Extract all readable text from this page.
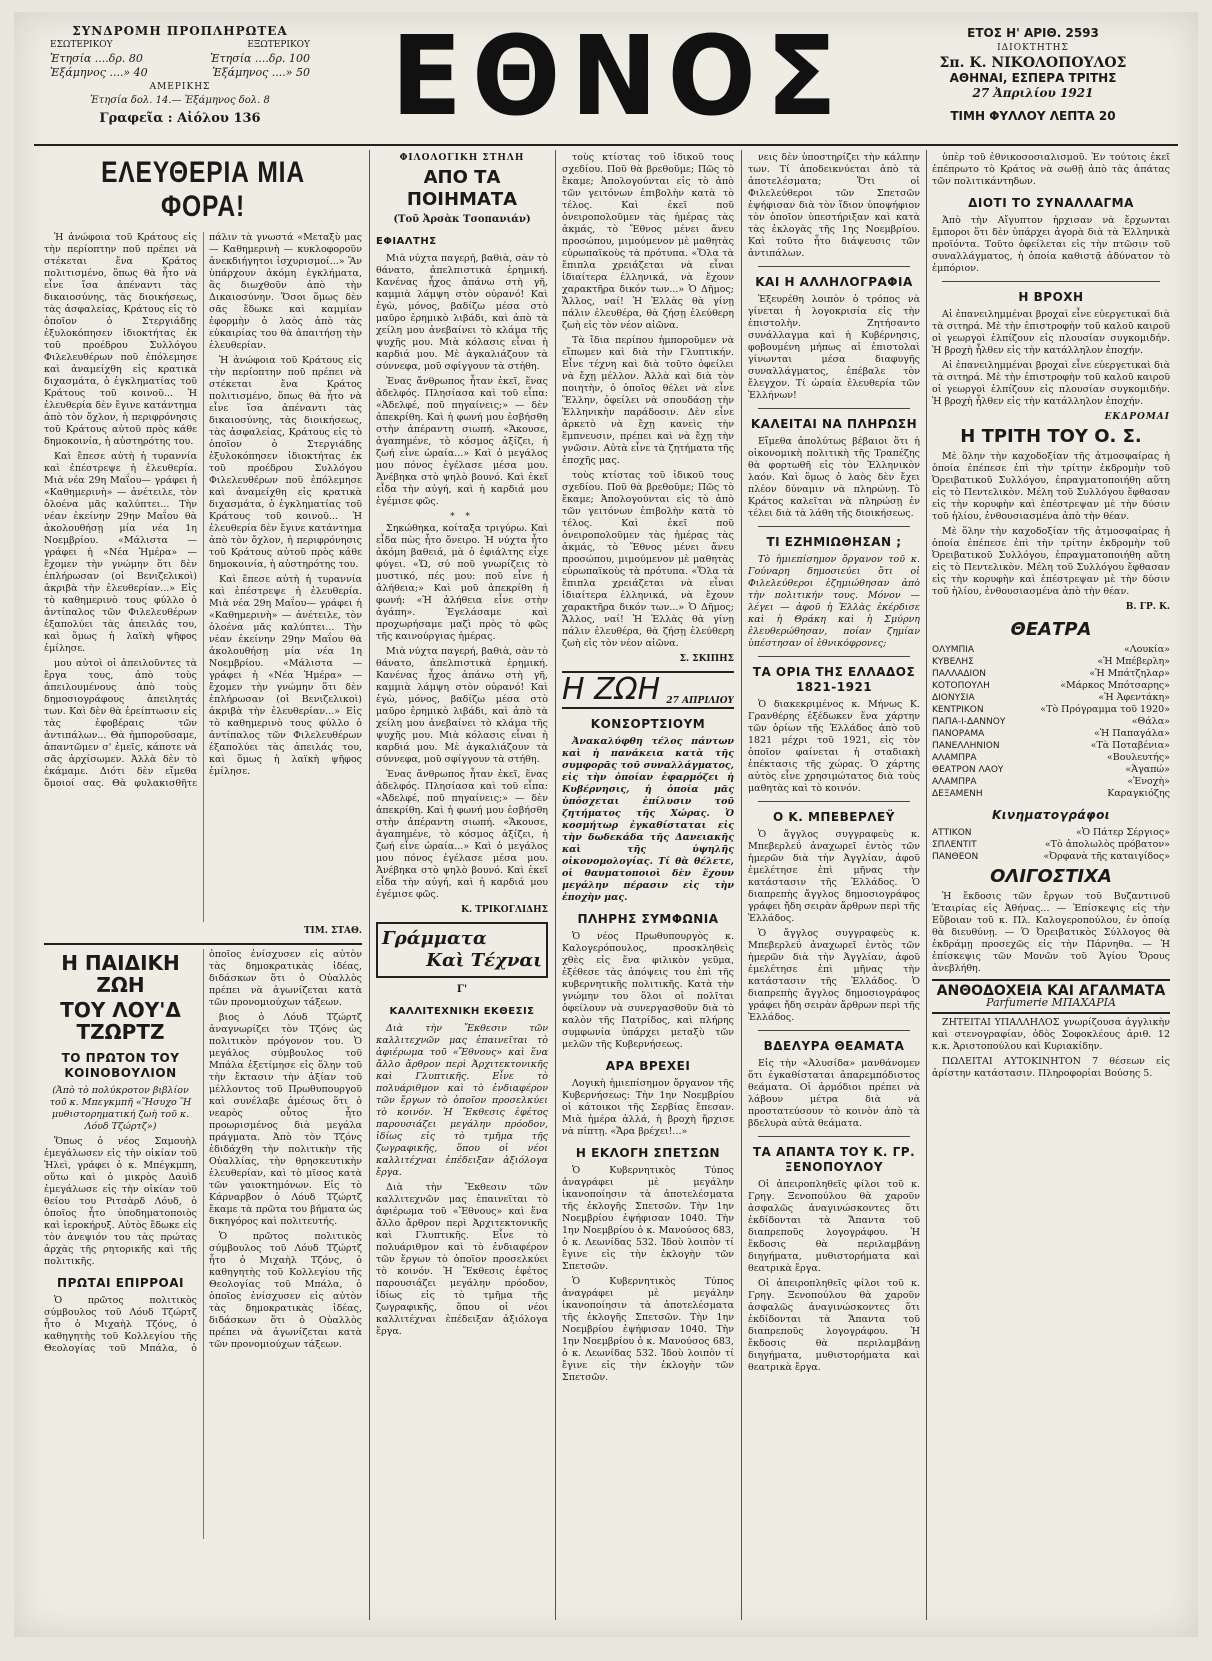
ΣΥΝΔΡΟΜΗ ΠΡΟΠΛΗΡΩΤΕΑ
ΕΣΩΤΕΡΙΚΟΥ	ΕΞΩΤΕΡΙΚΟΥ
Ἐτησία ....δρ. 80	Ἐτησία ....δρ. 100
Ἑξάμηνος ....» 40	Ἑξάμηνος ....» 50
ΑΜΕΡΙΚΗΣ
Ἐτησία δολ. 14.— Ἑξάμηνος δολ. 8
Γραφεῖα : Αἰόλου 136	ΕΘΝΟΣ	ΕΤΟΣ Η' ΑΡΙΘ. 2593
ΙΔΙΟΚΤΗΤΗΣ
Σπ. Κ. ΝΙΚΟΛΟΠΟΥΛΟΣ
ΑΘΗΝΑΙ, ΕΣΠΕΡΑ ΤΡΙΤΗΣ
27 Ἀπριλίου 1921
ΤΙΜΗ ΦΥΛΛΟΥ ΛΕΠΤΑ 20
ΕΛΕΥΘΕΡΙΑ ΜΙΑ ΦΟΡΑ!

Ἡ ἀνώφοια τοῦ Κράτους εἰς τὴν περίοπτην ποῦ πρέπει νὰ στέκεται ἕνα Κράτος πολιτισμένο, ὅπως θὰ ἦτο νὰ εἶνε ἴσα ἀπέναντι τὰς δικαιοσύνης, τὰς διοικήσεως, τὰς ἀσφαλείας, Κράτους εἰς τὸ ὁποῖον ὁ Στεργιάδης ἐξυλοκόπησεν ἰδιοκτήτας ἐκ τοῦ προέδρου Συλλόγου Φιλελευθέρων ποῦ ἐπόλεμησε καὶ ἀναμείχθη εἰς κρατικὰ διχασμάτα, ὁ ἐγκληματίας τοῦ Κράτους τοῦ κοινοῦ... Ἡ ἐλευθερία δὲν ἔγινε κατάντημα ἀπὸ τὸν ὄχλον, ἡ περιφρόνησις τοῦ Κράτους αὐτοῦ πρὸς κάθε δημοκοινία, ἡ αὐστηρότης του.

Καὶ ἔπεσε αὐτὴ ἡ τυραννία καὶ ἐπέστρεψε ἡ ἐλευθερία. Μιὰ νέα 29η Μαΐου— γράφει ἡ «Καθημερινὴ» — ἀνέτειλε, τὸν ὁλοένα μᾶς καλύπτει... Τὴν νέαν ἐκείνην 29ην Μαΐου θὰ ἀκολουθήσῃ μία νέα 1η Νοεμβρίου. «Μάλιστα — γράφει ἡ «Νέα Ἡμέρα» — ἔχομεν τὴν γνώμην ὅτι δὲν ἐπλήρωσαν (οἱ Βενιζελικοὶ) ἀκριβὰ τὴν ἐλευθερίαν...» Εἰς τὸ καθημερινὸ τους φύλλο ὁ ἀντίπαλος τῶν Φιλελευθέρων ἐξαπολύει τὰς ἀπειλάς του, καὶ ὅμως ἡ λαϊκὴ ψῆφος ἐμίλησε.

μου αὐτοὶ οἱ ἀπειλοῦντες τὰ ἔργα τους, ἀπὸ τοὺς ἀπειλουμένους ἀπὸ τοὺς δημοσιογράφους ἀπειλητάς των. Καὶ δὲν θὰ ἐρείπτωσιν εἰς τὰς ἐφοβέραις τῶν ἀντιπάλων... Θὰ ἠμποροῦσαμε, ἀπαντῶμεν σ' ἐμεῖς, κάποτε νὰ σᾶς ἀρχίσωμεν. Ἀλλὰ δὲν τὸ ἐκάμαμε. Διότι δὲν εἴμεθα ὅμοιοί σας. Θὰ φυλακισθῆτε πάλιν τὰ γνωστά «Μεταξὺ μας — Καθημερινὴ — κυκλοφοροῦν ἀνεκδιήγητοι ἰσχυρισμοί...» Ἂν ὑπάρχουν ἀκόμη ἐγκλήματα, ἂς διωχθοῦν ἀπὸ τὴν Δικαιοσύνην. Ὅσοι ὅμως δὲν σᾶς ἔδωκε καὶ καμμίαν ἐφορμὴν ὁ λαὸς ἀπὸ τὰς εὐκαιρίας του θὰ ἀπαιτήσῃ τὴν ἐλευθερίαν.

Ἡ ἀνώφοια τοῦ Κράτους εἰς τὴν περίοπτην ποῦ πρέπει νὰ στέκεται ἕνα Κράτος πολιτισμένο, ὅπως θὰ ἦτο νὰ εἶνε ἴσα ἀπέναντι τὰς δικαιοσύνης, τὰς διοικήσεως, τὰς ἀσφαλείας, Κράτους εἰς τὸ ὁποῖον ὁ Στεργιάδης ἐξυλοκόπησεν ἰδιοκτήτας ἐκ τοῦ προέδρου Συλλόγου Φιλελευθέρων ποῦ ἐπόλεμησε καὶ ἀναμείχθη εἰς κρατικὰ διχασμάτα, ὁ ἐγκληματίας τοῦ Κράτους τοῦ κοινοῦ... Ἡ ἐλευθερία δὲν ἔγινε κατάντημα ἀπὸ τὸν ὄχλον, ἡ περιφρόνησις τοῦ Κράτους αὐτοῦ πρὸς κάθε δημοκοινία, ἡ αὐστηρότης του.

Καὶ ἔπεσε αὐτὴ ἡ τυραννία καὶ ἐπέστρεψε ἡ ἐλευθερία. Μιὰ νέα 29η Μαΐου— γράφει ἡ «Καθημερινὴ» — ἀνέτειλε, τὸν ὁλοένα μᾶς καλύπτει... Τὴν νέαν ἐκείνην 29ην Μαΐου θὰ ἀκολουθήσῃ μία νέα 1η Νοεμβρίου. «Μάλιστα — γράφει ἡ «Νέα Ἡμέρα» — ἔχομεν τὴν γνώμην ὅτι δὲν ἐπλήρωσαν (οἱ Βενιζελικοὶ) ἀκριβὰ τὴν ἐλευθερίαν...» Εἰς τὸ καθημερινὸ τους φύλλο ὁ ἀντίπαλος τῶν Φιλελευθέρων ἐξαπολύει τὰς ἀπειλάς του, καὶ ὅμως ἡ λαϊκὴ ψῆφος ἐμίλησε.

ΤΙΜ. ΣΤΑΘ.
Η ΠΑΙΔΙΚΗ ΖΩΗ
ΤΟΥ ΛΟΥ'Δ ΤΖΩΡΤΖ
ΤΟ ΠΡΩΤΟΝ ΤΟΥ ΚΟΙΝΟΒΟΥΛΙΟΝ

(Ἀπὸ τὸ πολύκροτον βιβλίον τοῦ κ. Μπεγκμπῆ «Ἥσυχο Ἢ μυθιστορηματική ζωὴ τοῦ κ. Λόυδ Τζώρτζ»)

Ὅπως ὁ νέος Σαμουὴλ ἐμεγάλωσεν εἰς τὴν οἰκίαν τοῦ Ἡλεὶ, γράφει ὁ κ. Μπέγκμπη, οὕτω καὶ ὁ μικρὸς Δαυὶδ ἐμεγάλωσε εἰς τὴν οἰκίαν τοῦ θείου του Ριτσὰρδ Λόυδ, ὁ ὁποῖος ἦτο ὑποδηματοποιὸς καὶ ἱεροκήρυξ. Αὐτὸς ἔδωκε εἰς τὸν ἀνεψιόν του τὰς πρώτας ἀρχὰς τῆς ρητορικῆς καὶ τῆς πολιτικῆς.

ΠΡΩΤΑΙ ΕΠΙΡΡΟΑΙ

Ὁ πρῶτος πολιτικὸς σύμβουλος τοῦ Λόυδ Τζώρτζ ἦτο ὁ Μιχαὴλ Τζόνς, ὁ καθηγητὴς τοῦ Κολλεγίου τῆς Θεολογίας τοῦ Μπάλα, ὁ ὁποῖος ἐνίσχυσεν εἰς αὐτὸν τὰς δημοκρατικὰς ἰδέας, διδάσκων ὅτι ὁ Οὐαλλὸς πρέπει νὰ ἀγωνίζεται κατὰ τῶν προνομιούχων τάξεων.

βιος ὁ Λόυδ Τζώρτζ ἀναγνωρίζει τὸν Τζόνς ὡς πολιτικὸν πρόγονον του. Ὁ μεγάλος σύμβουλος τοῦ Μπάλα ἐξετίμησε εἰς ὅλην τοῦ τὴν ἔκτασιν τὴν ἀξίαν τοῦ μέλλοντος τοῦ Πρωθυπουργοῦ καὶ συνέλαβε ἀμέσως ὅτι ὁ νεαρὸς οὗτος ἦτο προωρισμένος διὰ μεγάλα πράγματα. Ἀπὸ τὸν Τζόνς ἐδιδάχθη τὴν πολιτικὴν τῆς Οὐαλλίας, τὴν θρησκευτικὴν ἐλευθερίαν, καὶ τὸ μῖσος κατὰ τῶν γαιοκτημόνων. Εἰς τὸ Κάρναρβον ὁ Λόυδ Τζώρτζ ἔκαμε τὰ πρῶτα του βήματα ὡς δικηγόρος καὶ πολιτευτής.

Ὁ πρῶτος πολιτικὸς σύμβουλος τοῦ Λόυδ Τζώρτζ ἦτο ὁ Μιχαὴλ Τζόνς, ὁ καθηγητὴς τοῦ Κολλεγίου τῆς Θεολογίας τοῦ Μπάλα, ὁ ὁποῖος ἐνίσχυσεν εἰς αὐτὸν τὰς δημοκρατικὰς ἰδέας, διδάσκων ὅτι ὁ Οὐαλλὸς πρέπει νὰ ἀγωνίζεται κατὰ τῶν προνομιούχων τάξεων.

ΦΙΛΟΛΟΓΙΚΗ ΣΤΗΛΗ
ΑΠΟ ΤΑ ΠΟΙΗΜΑΤΑ
(Τοῦ Ἀρσὰκ Τσοπανιάν)
ΕΦΙΑΛΤΗΣ

Μιὰ νύχτα παγερή, βαθιὰ, σὰν τὸ θάνατο, ἀπελπιστικὰ ἐρημική. Κανένας ἦχος ἀπάνω στὴ γῆ, καμμιὰ λάμψη στὸν οὐρανό! Καὶ ἐγὼ, μόνος, βαδίζω μέσα στὸ μαῦρο ἐρημικὸ λιβάδι, καὶ ἀπὸ τὰ χείλη μου ἀνεβαίνει τὸ κλάμα τῆς ψυχῆς μου. Μιὰ κόλασις εἶναι ἡ καρδιά μου. Μὲ ἀγκαλιάζουν τὰ σύννεφα, μοῦ σφίγγουν τὰ στήθη.

Ἐνας ἄνθρωπος ἦταν ἐκεῖ, ἕνας ἀδελφός. Πλησίασα καὶ τοῦ εἶπα: «Ἀδελφέ, ποῦ πηγαίνεις;» — δὲν ἀπεκρίθη. Καὶ ἡ φωνή μου ἐσβήσθη στὴν ἀπέραντη σιωπή. «Ἄκουσε, ἀγαπημένε, τὸ κόσμος ἀξίζει, ἡ ζωή εἶνε ὡραία...» Καὶ ὁ μεγάλος μου πόνος ἐγέλασε μέσα μου. Ἀνέβηκα στὸ ψηλὸ βουνό. Καὶ ἐκεῖ εἶδα τὴν αὐγή, καὶ ἡ καρδιά μου ἐγέμισε φῶς.

* *

Σηκώθηκα, κοίταξα τριγύρω. Καὶ εἶδα πὼς ἦτο ὄνειρο. Ἡ νύχτα ἦτο ἀκόμη βαθειά, μὰ ὁ ἐφιάλτης εἶχε φύγει. «Ὤ, σύ ποῦ γνωρίζεις τὸ μυστικό, πές μου: ποῦ εἶνε ἡ ἀλήθεια;» Καὶ μοῦ ἀπεκρίθη ἡ φωνή: «Ἡ ἀλήθεια εἶνε στὴν ἀγάπη». Ἐγελάσαμε καὶ προχωρήσαμε μαζὶ πρὸς τὸ φῶς τῆς καινούργιας ἡμέρας.

Μιὰ νύχτα παγερή, βαθιὰ, σὰν τὸ θάνατο, ἀπελπιστικὰ ἐρημική. Κανένας ἦχος ἀπάνω στὴ γῆ, καμμιὰ λάμψη στὸν οὐρανό! Καὶ ἐγὼ, μόνος, βαδίζω μέσα στὸ μαῦρο ἐρημικὸ λιβάδι, καὶ ἀπὸ τὰ χείλη μου ἀνεβαίνει τὸ κλάμα τῆς ψυχῆς μου. Μιὰ κόλασις εἶναι ἡ καρδιά μου. Μὲ ἀγκαλιάζουν τὰ σύννεφα, μοῦ σφίγγουν τὰ στήθη.

Ἐνας ἄνθρωπος ἦταν ἐκεῖ, ἕνας ἀδελφός. Πλησίασα καὶ τοῦ εἶπα: «Ἀδελφέ, ποῦ πηγαίνεις;» — δὲν ἀπεκρίθη. Καὶ ἡ φωνή μου ἐσβήσθη στὴν ἀπέραντη σιωπή. «Ἄκουσε, ἀγαπημένε, τὸ κόσμος ἀξίζει, ἡ ζωή εἶνε ὡραία...» Καὶ ὁ μεγάλος μου πόνος ἐγέλασε μέσα μου. Ἀνέβηκα στὸ ψηλὸ βουνό. Καὶ ἐκεῖ εἶδα τὴν αὐγή, καὶ ἡ καρδιά μου ἐγέμισε φῶς.

Κ. ΤΡΙΚΟΓΛΙΔΗΣ
Γράμματα
Καὶ Τέχναι
Γ'
ΚΑΛΛΙΤΕΧΝΙΚΗ ΕΚΘΕΣΙΣ

Διὰ τὴν Ἔκθεσιν τῶν καλλιτεχνῶν μας ἐπαινεῖται τὸ ἀφιέρωμα τοῦ «Ἔθνους» καὶ ἕνα ἄλλο ἄρθρον περὶ Ἀρχιτεκτονικῆς καὶ Γλυπτικῆς. Εἶνε τὸ πολυάριθμον καὶ τὸ ἐνδιαφέρον τῶν ἔργων τὸ ὁποῖον προσελκύει τὸ κοινόν. Ἡ Ἔκθεσις ἐφέτος παρουσιάζει μεγάλην πρόοδον, ἰδίως εἰς τὸ τμῆμα τῆς ζωγραφικῆς, ὅπου οἱ νέοι καλλιτέχναι ἐπέδειξαν ἀξιόλογα ἔργα.

Διὰ τὴν Ἔκθεσιν τῶν καλλιτεχνῶν μας ἐπαινεῖται τὸ ἀφιέρωμα τοῦ «Ἔθνους» καὶ ἕνα ἄλλο ἄρθρον περὶ Ἀρχιτεκτονικῆς καὶ Γλυπτικῆς. Εἶνε τὸ πολυάριθμον καὶ τὸ ἐνδιαφέρον τῶν ἔργων τὸ ὁποῖον προσελκύει τὸ κοινόν. Ἡ Ἔκθεσις ἐφέτος παρουσιάζει μεγάλην πρόοδον, ἰδίως εἰς τὸ τμῆμα τῆς ζωγραφικῆς, ὅπου οἱ νέοι καλλιτέχναι ἐπέδειξαν ἀξιόλογα ἔργα.

τοὺς κτίστας τοῦ ἰδικοῦ τους σχεδίου. Ποῦ θὰ βρεθοῦμε; Πῶς τὸ ἔκαμε; Ἀπολογούνται εἰς τὸ ἀπὸ τῶν γειτόνων ἐπιβολὴν κατὰ τὸ τέλος. Καὶ ἐκεῖ ποῦ ὀνειροπολοῦμεν τὰς ἡμέρας τὰς ἀκμάς, τὸ Ἔθνος μένει ἄνευ προσώπου, μιμούμενον μὲ μαθητὰς εὐρωπαϊκοὺς τὰ πρότυπα. «Ὅλα τὰ ἔπιπλα χρειάζεται νὰ εἶναι ἰδιαίτερα ἑλληνικά, νὰ ἔχουν χαρακτῆρα δικόν των...» Ὁ Δῆμος; Ἄλλος, ναί! Ἡ Ἑλλὰς θὰ γίνῃ πάλιν ἐλευθέρα, θὰ ζήσῃ ἐλεύθερη ζωὴ εἰς τὸν νέον αἰῶνα.

Τὰ ἴδια περίπου ἠμποροῦμεν νὰ εἴπωμεν καὶ διὰ τὴν Γλυπτικήν. Εἶνε τέχνη καὶ διὰ τοῦτο ὀφείλει νὰ ἔχῃ μέλλον. Ἀλλὰ καὶ διὰ τὸν ποιητὴν, ὁ ὁποῖος θέλει νὰ εἶνε Ἕλλην, ὀφείλει νὰ σπουδάσῃ τὴν Ἑλληνικὴν παράδοσιν. Δὲν εἶνε ἀρκετὸ νὰ ἔχῃ κανεὶς τὴν ἔμπνευσιν, πρέπει καὶ νὰ ἔχῃ τὴν γνῶσιν. Αὐτὰ εἶνε τὰ ζητήματα τῆς ἐποχῆς μας.

τοὺς κτίστας τοῦ ἰδικοῦ τους σχεδίου. Ποῦ θὰ βρεθοῦμε; Πῶς τὸ ἔκαμε; Ἀπολογούνται εἰς τὸ ἀπὸ τῶν γειτόνων ἐπιβολὴν κατὰ τὸ τέλος. Καὶ ἐκεῖ ποῦ ὀνειροπολοῦμεν τὰς ἡμέρας τὰς ἀκμάς, τὸ Ἔθνος μένει ἄνευ προσώπου, μιμούμενον μὲ μαθητὰς εὐρωπαϊκοὺς τὰ πρότυπα. «Ὅλα τὰ ἔπιπλα χρειάζεται νὰ εἶναι ἰδιαίτερα ἑλληνικά, νὰ ἔχουν χαρακτῆρα δικόν των...» Ὁ Δῆμος; Ἄλλος, ναί! Ἡ Ἑλλὰς θὰ γίνῃ πάλιν ἐλευθέρα, θὰ ζήσῃ ἐλεύθερη ζωὴ εἰς τὸν νέον αἰῶνα.

Σ. ΣΚΙΠΗΣ
Η ΖΩΗ 27 ΑΠΡΙΛΙΟΥ
ΚΟΝΣΟΡΤΣΙΟΥΜ

Ἀνακαλύφθη τέλος πάντων καὶ ἡ πανάκεια κατὰ τῆς συμφορᾶς τοῦ συναλλάγματος, εἰς τὴν ὁποίαν ἐφαρμόζει ἡ Κυβέρνησις, ἡ ὁποία μᾶς ὑπόσχεται ἐπίλυσιν τοῦ ζητήματος τῆς Χώρας. Ὁ κοσμήτωρ ἐγκαθίσταται εἰς τὴν δωδεκάδα τῆς Δανειακῆς καὶ τῆς ὑψηλῆς οἰκονομολογίας. Τί θὰ θέλετε, οἱ θαυματοποιοὶ δὲν ἔχουν μεγάλην πέρασιν εἰς τὴν ἐποχὴν μας.

ΠΛΗΡΗΣ ΣΥΜΦΩΝΙΑ

Ὁ νέος Πρωθυπουργὸς κ. Καλογερόπουλος, προσκληθεὶς χθὲς εἰς ἕνα φιλικὸν γεῦμα, ἐξέθεσε τὰς ἀπόψεις του ἐπὶ τῆς κυβερνητικῆς πολιτικῆς. Κατὰ τὴν γνώμην του ὅλοι οἱ πολῖται ὀφείλουν νὰ συνεργασθοῦν διὰ τὸ καλὸν τῆς Πατρίδος, καὶ πλήρης συμφωνία ὑπάρχει μεταξὺ τῶν μελῶν τῆς Κυβερνήσεως.

ΑΡΑ ΒΡΕΧΕΙ

Λογικὴ ἡμιεπίσημον ὄργανον τῆς Κυβερνήσεως: Τὴν 1ην Νοεμβρίου οἱ κάτοικοι τῆς Σερβίας ἔπεσαν. Μιὰ ἡμέρα ἀλλά, ἡ βροχὴ ἤρχισε νὰ πίπτῃ. «Ἄρα βρέχει!...»

Η ΕΚΛΟΓΗ ΣΠΕΤΣΩΝ

Ὁ Κυβερνητικὸς Τύπος ἀναγράφει μὲ μεγάλην ἱκανοποίησιν τὰ ἀποτελέσματα τῆς ἐκλογῆς Σπετσῶν. Τὴν 1ην Νοεμβρίου ἐψήφισαν 1040. Τὴν 1ην Νοεμβρίου ὁ κ. Μανούσος 683, ὁ κ. Λεωνίδας 532. Ἰδοὺ λοιπὸν τί ἔγινε εἰς τὴν ἐκλογὴν τῶν Σπετσῶν.

Ὁ Κυβερνητικὸς Τύπος ἀναγράφει μὲ μεγάλην ἱκανοποίησιν τὰ ἀποτελέσματα τῆς ἐκλογῆς Σπετσῶν. Τὴν 1ην Νοεμβρίου ἐψήφισαν 1040. Τὴν 1ην Νοεμβρίου ὁ κ. Μανούσος 683, ὁ κ. Λεωνίδας 532. Ἰδοὺ λοιπὸν τί ἔγινε εἰς τὴν ἐκλογὴν τῶν Σπετσῶν.

νεις δὲν ὑποστηρίζει τὴν κάλπην των. Τί ἀποδεικνύεται ἀπὸ τὰ ἀποτελέσματα; Ὅτι οἱ Φιλελεύθεροι τῶν Σπετσῶν ἐψήφισαν διὰ τὸν ἴδιον ὑποψήφιον τὸν ὁποῖον ὑπεστήριξαν καὶ κατὰ τὰς ἐκλογὰς τῆς 1ης Νοεμβρίου. Καὶ τοῦτο ἦτο διάψευσις τῶν ἀντιπάλων.

ΚΑΙ Η ΑΛΛΗΛΟΓΡΑΦΙΑ

Ἐξευρέθη λοιπὸν ὁ τρόπος νὰ γίνεται ἡ λογοκρισία εἰς τὴν ἐπιστολὴν. Ζητήσαντο συνάλλαγμα καὶ ἡ Κυβέρνησις, φοβουμένη μήπως αἱ ἐπιστολαὶ γίνωνται μέσα διαφυγῆς συναλλάγματος, ἐπέβαλε τὸν ἔλεγχον. Τί ὡραία ἐλευθερία τῶν Ἑλλήνων!

ΚΑΛΕΙΤΑΙ ΝΑ ΠΛΗΡΩΣΗ

Εἴμεθα ἀπολύτως βέβαιοι ὅτι ἡ οἰκονομικὴ πολιτικὴ τῆς Τραπέζης θὰ φορτωθῆ εἰς τὸν Ἑλληνικὸν λαόν. Καὶ ὅμως ὁ λαὸς δὲν ἔχει πλέον δύναμιν νὰ πληρώνῃ. Τὸ Κράτος καλεῖται νὰ πληρώσῃ ἐν τέλει διὰ τὰ λάθη τῆς διοικήσεως.

ΤΙ ΕΖΗΜΙΩΘΗΣΑΝ ;

Τὸ ἡμιεπίσημον ὄργανον τοῦ κ. Γούναρη δημοσιεύει ὅτι οἱ Φιλελεύθεροι ἐζημιώθησαν ἀπὸ τὴν πολιτικήν τους. Μόνον — λέγει — ἀφοῦ ἡ Ἑλλὰς ἐκέρδισε καὶ ἡ Θράκη καὶ ἡ Σμύρνη ἐλευθερώθησαν, ποίαν ζημίαν ὑπέστησαν οἱ ἐθνικόφρονες;

ΤΑ ΟΡΙΑ ΤΗΣ ΕΛΛΑΔΟΣ 1821-1921

Ὁ διακεκριμένος κ. Μήνως Κ. Γρανθέρης ἐξέδωκεν ἕνα χάρτην τῶν ὁρίων τῆς Ἑλλάδος ἀπὸ τοῦ 1821 μέχρι τοῦ 1921, εἰς τὸν ὁποῖον φαίνεται ἡ σταδιακὴ ἐπέκτασις τῆς χώρας. Ὁ χάρτης αὐτὸς εἶνε χρησιμώτατος διὰ τοὺς μαθητὰς καὶ τὸ κοινόν.

Ο Κ. ΜΠΕΒΕΡΛΕΫ

Ὁ ἄγγλος συγγραφεὺς κ. Μπεβερλεΰ ἀναχωρεῖ ἐντὸς τῶν ἡμερῶν διὰ τὴν Ἀγγλίαν, ἀφοῦ ἐμελέτησε ἐπὶ μῆνας τὴν κατάστασιν τῆς Ἑλλάδος. Ὁ διαπρεπὴς ἄγγλος δημοσιογράφος γράφει ἤδη σειρὰν ἄρθρων περὶ τῆς Ἑλλάδος.

Ὁ ἄγγλος συγγραφεὺς κ. Μπεβερλεΰ ἀναχωρεῖ ἐντὸς τῶν ἡμερῶν διὰ τὴν Ἀγγλίαν, ἀφοῦ ἐμελέτησε ἐπὶ μῆνας τὴν κατάστασιν τῆς Ἑλλάδος. Ὁ διαπρεπὴς ἄγγλος δημοσιογράφος γράφει ἤδη σειρὰν ἄρθρων περὶ τῆς Ἑλλάδος.

ΒΔΕΛΥΡΑ ΘΕΑΜΑΤΑ

Εἰς τὴν «Ἀλυσίδα» μανθάνομεν ὅτι ἐγκαθίσταται ἀπαρεμπόδιστος θεάματα. Οἱ ἀρμόδιοι πρέπει νὰ λάβουν μέτρα διὰ νὰ προστατεύσουν τὸ κοινὸν ἀπὸ τὰ βδελυρὰ αὐτὰ θεάματα.

ΤΑ ΑΠΑΝΤΑ ΤΟΥ Κ. ΓΡ. ΞΕΝΟΠΟΥΛΟΥ

Οἱ ἀπειροπληθεῖς φίλοι τοῦ κ. Γρηγ. Ξενοπούλου θὰ χαροῦν ἀσφαλῶς ἀναγινώσκοντες ὅτι ἐκδίδονται τὰ Ἄπαντα τοῦ διαπρεποῦς λογογράφου. Ἡ ἔκδοσις θὰ περιλαμβάνῃ διηγήματα, μυθιστορήματα καὶ θεατρικὰ ἔργα.

Οἱ ἀπειροπληθεῖς φίλοι τοῦ κ. Γρηγ. Ξενοπούλου θὰ χαροῦν ἀσφαλῶς ἀναγινώσκοντες ὅτι ἐκδίδονται τὰ Ἄπαντα τοῦ διαπρεποῦς λογογράφου. Ἡ ἔκδοσις θὰ περιλαμβάνῃ διηγήματα, μυθιστορήματα καὶ θεατρικὰ ἔργα.

ὑπὲρ τοῦ ἐθνικοσοσιαλισμοῦ. Ἐν τούτοις ἐκεῖ ἐπέπρωτο τὸ Κράτος νὰ σωθῇ ἀπὸ τὰς ἀπάτας τῶν πολιτικάντηδων.

ΔΙΟΤΙ ΤΟ ΣΥΝΑΛΛΑΓΜΑ

Ἀπὸ τὴν Αἴγυπτον ἠρχισαν νὰ ἔρχωνται ἔμποροι ὅτι δὲν ὑπάρχει ἀγορὰ διὰ τὰ Ἑλληνικὰ προϊόντα. Τοῦτο ὀφείλεται εἰς τὴν πτῶσιν τοῦ συναλλάγματος, ἡ ὁποία καθιστᾷ ἀδύνατον τὸ ἐμπόριον.

Η ΒΡΟΧΗ

Αἱ ἐπανειλημμέναι βροχαὶ εἶνε εὐεργετικαὶ διὰ τὰ σιτηρά. Μὲ τὴν ἐπιστροφὴν τοῦ καλοῦ καιροῦ οἱ γεωργοὶ ἐλπίζουν εἰς πλουσίαν συγκομιδήν. Ἡ βροχὴ ἦλθεν εἰς τὴν κατάλληλον ἐποχήν.

Αἱ ἐπανειλημμέναι βροχαὶ εἶνε εὐεργετικαὶ διὰ τὰ σιτηρά. Μὲ τὴν ἐπιστροφὴν τοῦ καλοῦ καιροῦ οἱ γεωργοὶ ἐλπίζουν εἰς πλουσίαν συγκομιδήν. Ἡ βροχὴ ἦλθεν εἰς τὴν κατάλληλον ἐποχήν.

ΕΚΔΡΟΜΑΙ
Η ΤΡΙΤΗ ΤΟΥ Ο. Σ.

Μὲ ὅλην τὴν καχοδοξίαν τῆς ἀτμοσφαίρας ἡ ὁποία ἐπέπεσε ἐπὶ τὴν τρίτην ἐκδρομὴν τοῦ Ὀρειβατικοῦ Συλλόγου, ἐπραγματοποιήθη αὕτη εἰς τὸ Πεντελικὸν. Μέλη τοῦ Συλλόγου ἔφθασαν εἰς τὴν κορυφὴν καὶ ἐπέστρεψαν μὲ τὴν δύσιν τοῦ ἡλίου, ἐνθουσιασμένα ἀπὸ τὴν θέαν.

Μὲ ὅλην τὴν καχοδοξίαν τῆς ἀτμοσφαίρας ἡ ὁποία ἐπέπεσε ἐπὶ τὴν τρίτην ἐκδρομὴν τοῦ Ὀρειβατικοῦ Συλλόγου, ἐπραγματοποιήθη αὕτη εἰς τὸ Πεντελικὸν. Μέλη τοῦ Συλλόγου ἔφθασαν εἰς τὴν κορυφὴν καὶ ἐπέστρεψαν μὲ τὴν δύσιν τοῦ ἡλίου, ἐνθουσιασμένα ἀπὸ τὴν θέαν.

Β. ΓΡ. Κ.
ΘΕΑΤΡΑ
ΟΛΥΜΠΙΑ	«Λουκία»
ΚΥΒΕΛΗΣ	«Ἡ Μπέβερλη»
ΠΑΛΛΑΔΙΟΝ	«Ἡ Μπάτζηλαρ»
ΚΟΤΟΠΟΥΛΗ	«Μάρκος Μπότσαρης»
ΔΙΟΝΥΣΙΑ	«Ἡ Ἀφεντάκη»
ΚΕΝΤΡΙΚΟΝ	«Τὸ Πρόγραμμα τοῦ 1920»
ΠΑΠΑ-Ι-ΔΑΝΝΟΥ	«Θάλα»
ΠΑΝΟΡΑΜΑ	«Ἡ Παπαγάλα»
ΠΑΝΕΛΛΗΝΙΟΝ	«Τὰ Ποταβένια»
ΑΛΑΜΠΡΑ	«Βουλευτής»
ΘΕΑΤΡΟΝ ΛΑΟΥ	«Ἀγαπώ»
ΑΛΑΜΠΡΑ	«Ἐνοχὴ»
ΔΕΞΑΜΕΝΗ	Καραγκιόζης
Κινηματογράφοι
ΑΤΤΙΚΟΝ	«Ὁ Πάτερ Σέργιος»
ΣΠΛΕΝΤΙΤ	«Τὸ ἀπολωλὸς πρόβατον»
ΠΑΝΘΕΟΝ	«Ὀρφανὰ τῆς καταιγίδος»
ΟΛΙΓΟΣΤΙΧΑ

Ἡ ἔκδοσις τῶν ἔργων τοῦ Βυζαντινοῦ Ἑταιρίας εἰς Ἀθήνας... — Ἐπίσκεψις εἰς τὴν Εὔβοιαν τοῦ κ. Πλ. Καλογεροπούλου, ἐν ὁποίᾳ θὰ διευθύνῃ. — Ὁ Ὀρειβατικὸς Σύλλογος θὰ ἐκδράμῃ προσεχῶς εἰς τὴν Πάρνηθα. — Ἡ ἐπίσκεψις τῶν Μονῶν τοῦ Ἁγίου Ὄρους ἀνεβλήθη.

ΑΝΘΟΔΟΧΕΙΑ ΚΑΙ ΑΓΑΛΜΑΤΑ
Parfumerie ΜΠΑΧΑΡΙΑ

ΖΗΤΕΙΤΑΙ ΥΠΑΛΛΗΛΟΣ γνωρίζουσα ἀγγλικὴν καὶ στενογραφίαν, ὁδὸς Σοφοκλέους ἀριθ. 12 κ.κ. Ἀριστοπούλου καὶ Κυριακίδην.

ΠΩΛΕΙΤΑΙ ΑΥΤΟΚΙΝΗΤΟΝ 7 θέσεων εἰς ἀρίστην κατάστασιν. Πληροφορίαι Βούσης 5.
